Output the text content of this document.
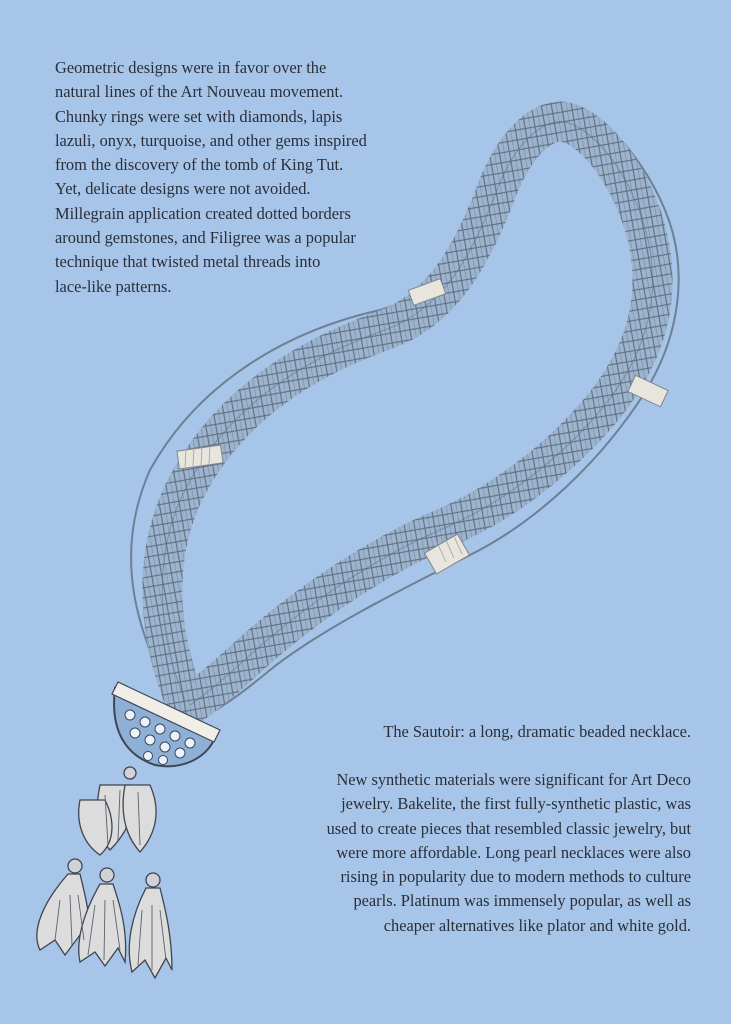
Geometric designs were in favor over the
natural lines of the Art Nouveau movement.
Chunky rings were set with diamonds, lapis
lazuli, onyx, turquoise, and other gems inspired
from the discovery of the tomb of King Tut.
Yet, delicate designs were not avoided.
Millegrain application created dotted borders
around gemstones, and Filigree was a popular
technique that twisted metal threads into
lace-like patterns.
The Sautoir: a long, dramatic beaded necklace.
New synthetic materials were significant for Art Deco
jewelry. Bakelite, the first fully-synthetic plastic, was
used to create pieces that resembled classic jewelry, but
were more affordable. Long pearl necklaces were also
rising in popularity due to modern methods to culture
pearls. Platinum was immensely popular, as well as
cheaper alternatives like plator and white gold.
